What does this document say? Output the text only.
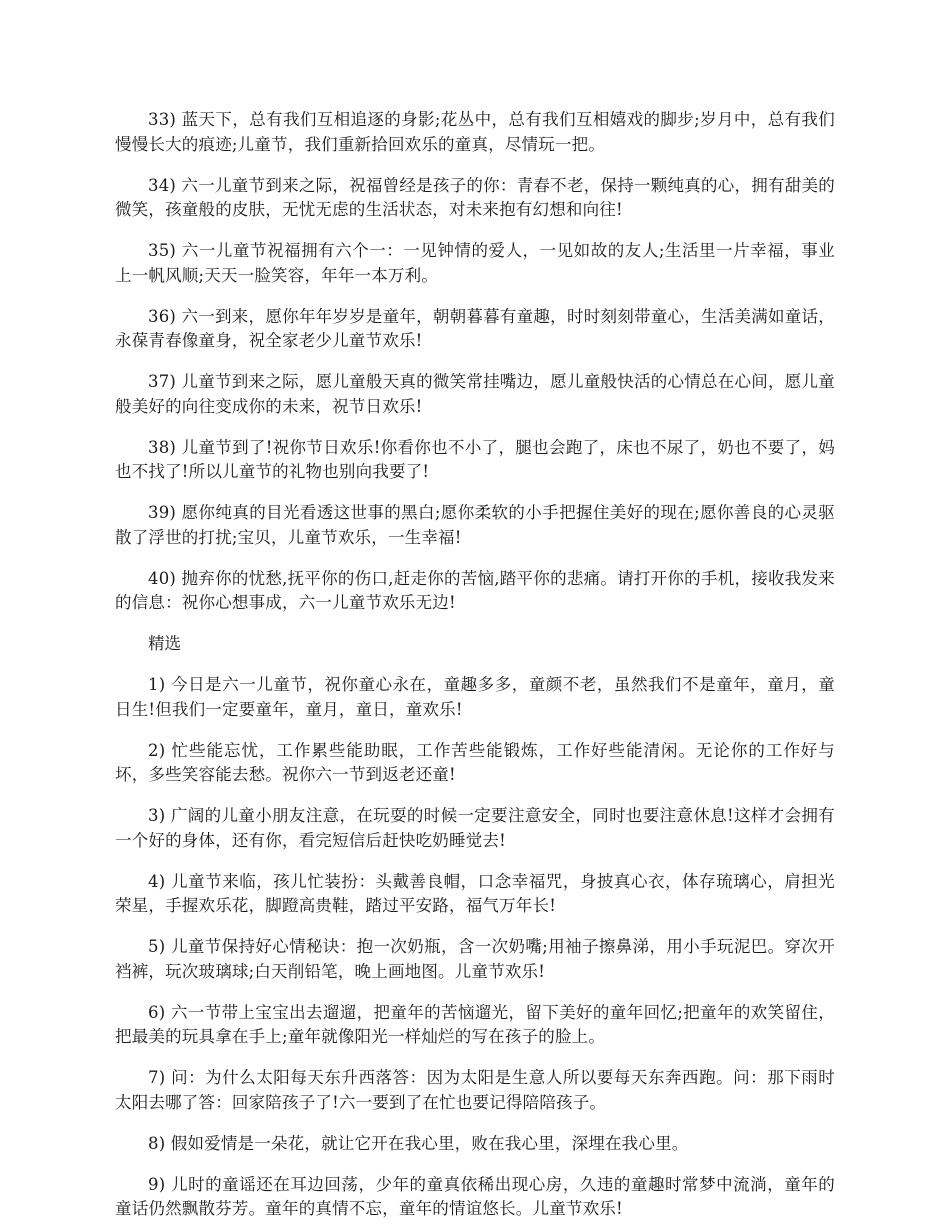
33) 蓝天下，总有我们互相追逐的身影;花丛中，总有我们互相嬉戏的脚步;岁月中，总有我们慢慢长大的痕迹;儿童节，我们重新拾回欢乐的童真，尽情玩一把。

34) 六一儿童节到来之际，祝福曾经是孩子的你：青春不老，保持一颗纯真的心，拥有甜美的微笑，孩童般的皮肤，无忧无虑的生活状态，对未来抱有幻想和向往!

35) 六一儿童节祝福拥有六个一：一见钟情的爱人，一见如故的友人;生活里一片幸福，事业上一帆风顺;天天一脸笑容，年年一本万利。

36) 六一到来，愿你年年岁岁是童年，朝朝暮暮有童趣，时时刻刻带童心，生活美满如童话，永葆青春像童身，祝全家老少儿童节欢乐!

37) 儿童节到来之际，愿儿童般天真的微笑常挂嘴边，愿儿童般快活的心情总在心间，愿儿童般美好的向往变成你的未来，祝节日欢乐!

38) 儿童节到了!祝你节日欢乐!你看你也不小了，腿也会跑了，床也不尿了，奶也不要了，妈也不找了!所以儿童节的礼物也别向我要了!

39) 愿你纯真的目光看透这世事的黑白;愿你柔软的小手把握住美好的现在;愿你善良的心灵驱散了浮世的打扰;宝贝，儿童节欢乐，一生幸福!

40) 抛弃你的忧愁,抚平你的伤口,赶走你的苦恼,踏平你的悲痛。请打开你的手机，接收我发来的信息：祝你心想事成，六一儿童节欢乐无边!

精选

1) 今日是六一儿童节，祝你童心永在，童趣多多，童颜不老，虽然我们不是童年，童月，童日生!但我们一定要童年，童月，童日，童欢乐!

2) 忙些能忘忧，工作累些能助眠，工作苦些能锻炼，工作好些能清闲。无论你的工作好与坏，多些笑容能去愁。祝你六一节到返老还童!

3) 广阔的儿童小朋友注意，在玩耍的时候一定要注意安全，同时也要注意休息!这样才会拥有一个好的身体，还有你，看完短信后赶快吃奶睡觉去!

4) 儿童节来临，孩儿忙装扮：头戴善良帽，口念幸福咒，身披真心衣，体存琉璃心，肩担光荣星，手握欢乐花，脚蹬高贵鞋，踏过平安路，福气万年长!

5) 儿童节保持好心情秘诀：抱一次奶瓶，含一次奶嘴;用袖子擦鼻涕，用小手玩泥巴。穿次开裆裤，玩次玻璃球;白天削铅笔，晚上画地图。儿童节欢乐!

6) 六一节带上宝宝出去遛遛，把童年的苦恼遛光，留下美好的童年回忆;把童年的欢笑留住，把最美的玩具拿在手上;童年就像阳光一样灿烂的写在孩子的脸上。

7) 问：为什么太阳每天东升西落答：因为太阳是生意人所以要每天东奔西跑。问：那下雨时太阳去哪了答：回家陪孩子了!六一要到了在忙也要记得陪陪孩子。

8) 假如爱情是一朵花，就让它开在我心里，败在我心里，深埋在我心里。

9) 儿时的童谣还在耳边回荡，少年的童真依稀出现心房，久违的童趣时常梦中流淌，童年的童话仍然飘散芬芳。童年的真情不忘，童年的情谊悠长。儿童节欢乐!
